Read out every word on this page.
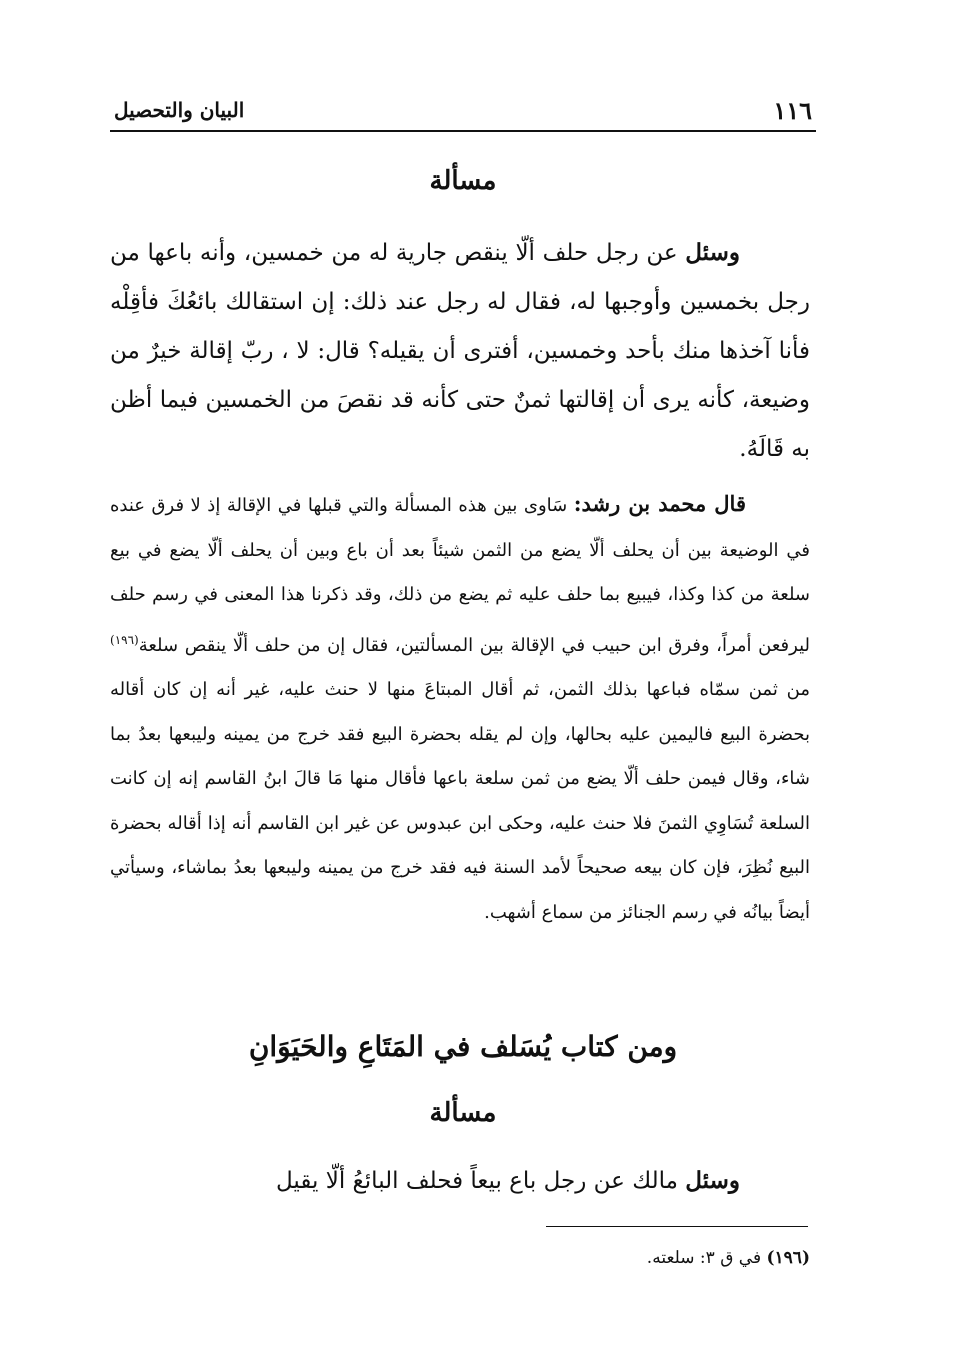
١١٦
البيان والتحصيل
مسألة
وسئل عن رجل حلف ألّا ينقص جارية له من خمسين، وأنه باعها من رجل بخمسين وأوجبها له، فقال له رجل عند ذلك: إن استقالك بائعُكَ فأقِلْه فأنا آخذها منك بأحد وخمسين، أفترى أن يقيله؟ قال: لا ، ربّ إقالة خيرٌ من وضيعة، كأنه يرى أن إقالتها ثمنٌ حتى كأنه قد نقصَ من الخمسين فيما أظن به قَالَهُ.
قال محمد بن رشد: سَاوى بين هذه المسألة والتي قبلها في الإقالة إذ لا فرق عنده في الوضيعة بين أن يحلف ألّا يضع من الثمن شيئاً بعد أن باع وبين أن يحلف ألّا يضع في بيع سلعة من كذا وكذا، فيبيع بما حلف عليه ثم يضع من ذلك، وقد ذكرنا هذا المعنى في رسم حلف ليرفعن أمراً، وفرق ابن حبيب في الإقالة بين المسألتين، فقال إن من حلف ألّا ينقص سلعة$^{(١٩٦)}$ من ثمن سمّاه فباعها بذلك الثمن، ثم أقال المبتاعَ منها لا حنث عليه، غير أنه إن كان أقاله بحضرة البيع فاليمين عليه بحالها، وإن لم يقله بحضرة البيع فقد خرج من يمينه وليبعها بعدُ بما شاء، وقال فيمن حلف ألّا يضع من ثمن سلعة باعها فأقال منها مَا قالَ ابنُ القاسم إنه إن كانت السلعة تُسَاوِي الثمنَ فلا حنث عليه، وحكى ابن عبدوس عن غير ابن القاسم أنه إذا أقاله بحضرة البيع نُظِرَ، فإن كان بيعه صحيحاً لأمد السنة فيه فقد خرج من يمينه وليبعها بعدُ بماشاء، وسيأتي أيضاً بيانُه في رسم الجنائز من سماع أشهب.
ومن كتاب يُسَلف في المَتَاعِ والحَيَوَانِ
مسألة
وسئل مالك عن رجل باع بيعاً فحلف البائعُ ألّا يقيل
(١٩٦) في ق ٣: سلعته.
